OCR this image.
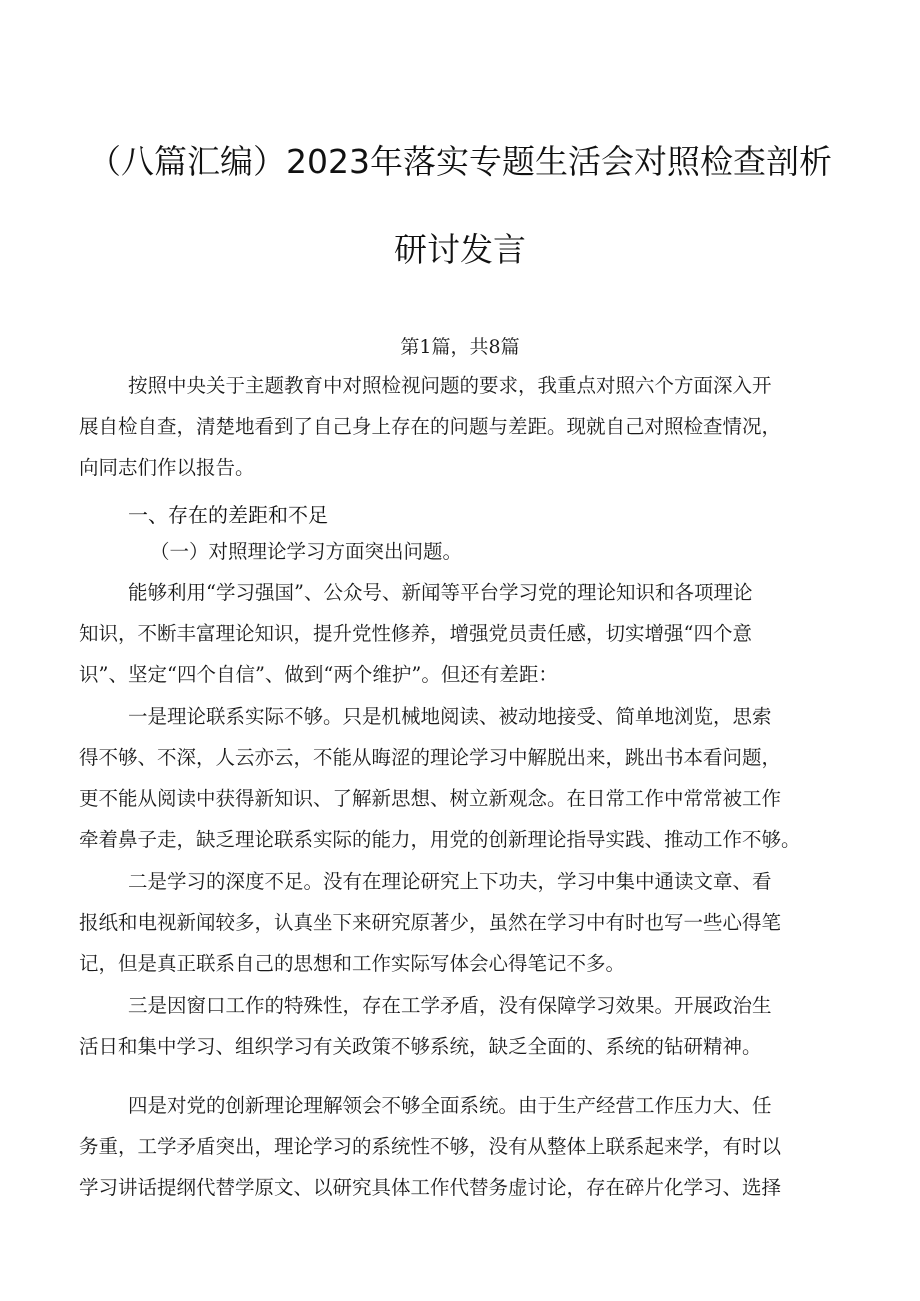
（八篇汇编）2023年落实专题生活会对照检查剖析
研讨发言
第1篇，共8篇
按照中央关于主题教育中对照检视问题的要求，我重点对照六个方面深入开
展自检自查，清楚地看到了自己身上存在的问题与差距。现就自己对照检查情况，
向同志们作以报告。
一、存在的差距和不足
（一）对照理论学习方面突出问题。
能够利用“学习强国”、公众号、新闻等平台学习党的理论知识和各项理论
知识，不断丰富理论知识，提升党性修养，增强党员责任感，切实增强“四个意
识”、坚定“四个自信”、做到“两个维护”。但还有差距：
一是理论联系实际不够。只是机械地阅读、被动地接受、简单地浏览，思索
得不够、不深，人云亦云，不能从晦涩的理论学习中解脱出来，跳出书本看问题，
更不能从阅读中获得新知识、了解新思想、树立新观念。在日常工作中常常被工作
牵着鼻子走，缺乏理论联系实际的能力，用党的创新理论指导实践、推动工作不够。
二是学习的深度不足。没有在理论研究上下功夫，学习中集中通读文章、看
报纸和电视新闻较多，认真坐下来研究原著少，虽然在学习中有时也写一些心得笔
记，但是真正联系自己的思想和工作实际写体会心得笔记不多。
三是因窗口工作的特殊性，存在工学矛盾，没有保障学习效果。开展政治生
活日和集中学习、组织学习有关政策不够系统，缺乏全面的、系统的钻研精神。
四是对党的创新理论理解领会不够全面系统。由于生产经营工作压力大、任
务重，工学矛盾突出，理论学习的系统性不够，没有从整体上联系起来学，有时以
学习讲话提纲代替学原文、以研究具体工作代替务虚讨论，存在碎片化学习、选择
